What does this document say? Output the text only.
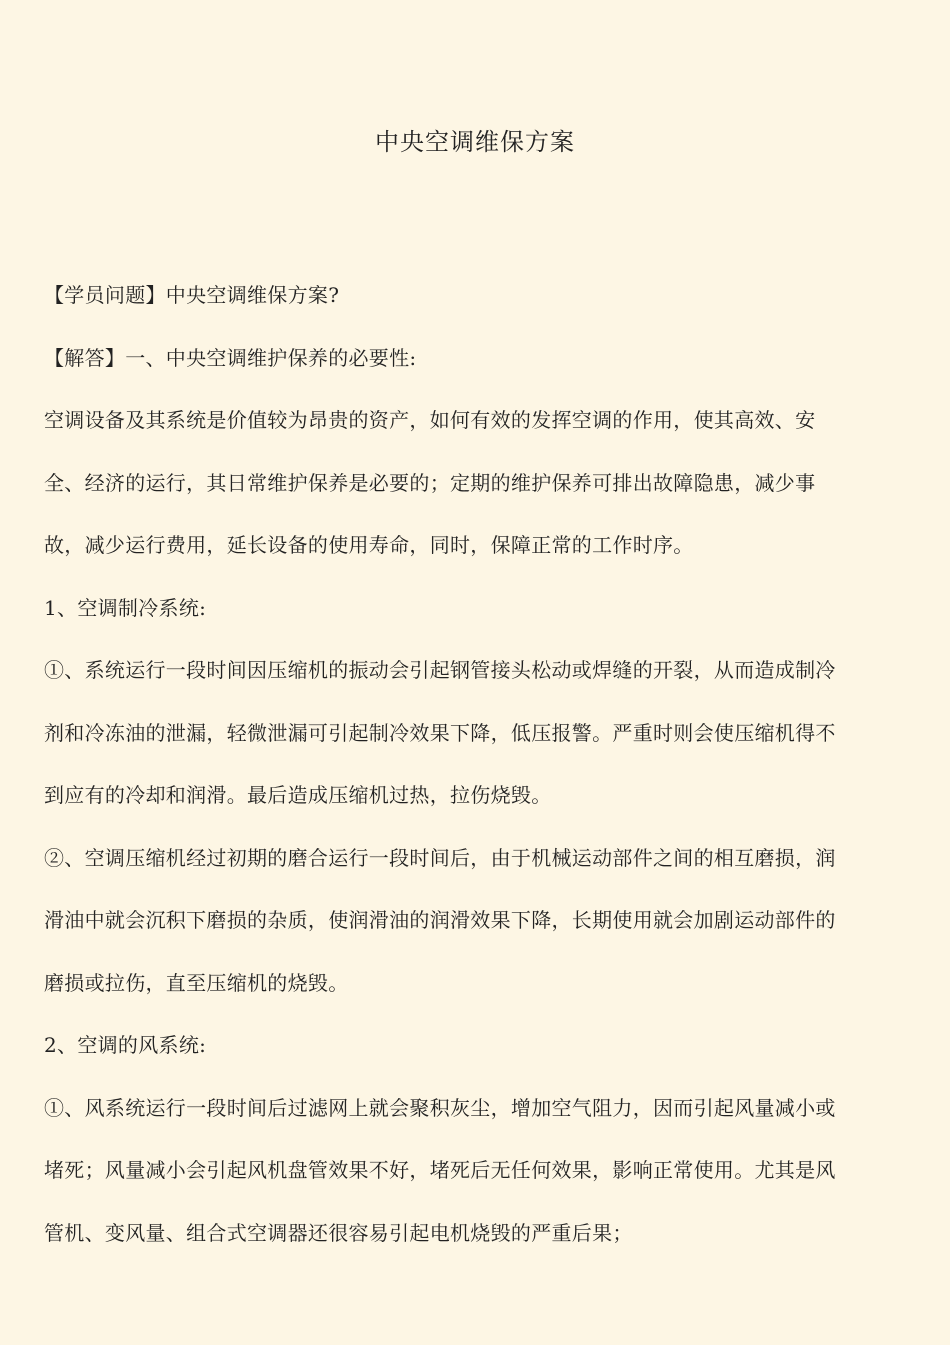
中央空调维保方案

【学员问题】中央空调维保方案?

【解答】一、中央空调维护保养的必要性:

空调设备及其系统是价值较为昂贵的资产，如何有效的发挥空调的作用，使其高效、安全、经济的运行，其日常维护保养是必要的；定期的维护保养可排出故障隐患，减少事故，减少运行费用，延长设备的使用寿命，同时，保障正常的工作时序。

1、空调制冷系统:

①、系统运行一段时间因压缩机的振动会引起钢管接头松动或焊缝的开裂，从而造成制冷剂和冷冻油的泄漏，轻微泄漏可引起制冷效果下降，低压报警。严重时则会使压缩机得不到应有的冷却和润滑。最后造成压缩机过热，拉伤烧毁。

②、空调压缩机经过初期的磨合运行一段时间后，由于机械运动部件之间的相互磨损，润滑油中就会沉积下磨损的杂质，使润滑油的润滑效果下降，长期使用就会加剧运动部件的磨损或拉伤，直至压缩机的烧毁。

2、空调的风系统:

①、风系统运行一段时间后过滤网上就会聚积灰尘，增加空气阻力，因而引起风量减小或堵死；风量减小会引起风机盘管效果不好，堵死后无任何效果，影响正常使用。尤其是风管机、变风量、组合式空调器还很容易引起电机烧毁的严重后果；
